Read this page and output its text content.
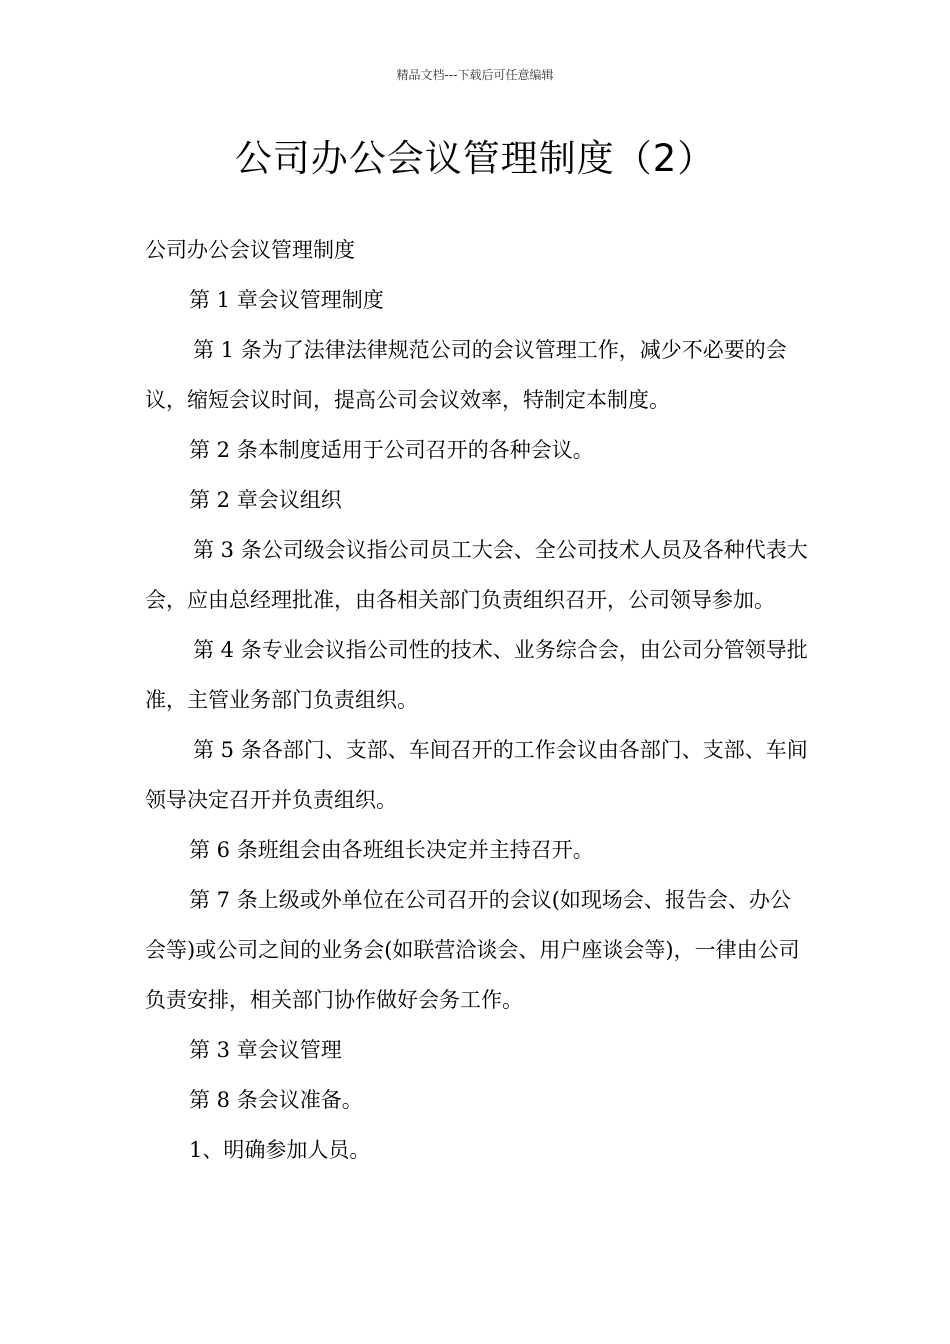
精品文档---下载后可任意编辑
公司办公会议管理制度（2）

公司办公会议管理制度

第 1 章会议管理制度

第 1 条为了法律法律规范公司的会议管理工作，减少不必要的会议，缩短会议时间，提高公司会议效率，特制定本制度。

第 2 条本制度适用于公司召开的各种会议。

第 2 章会议组织

第 3 条公司级会议指公司员工大会、全公司技术人员及各种代表大会，应由总经理批准，由各相关部门负责组织召开，公司领导参加。

第 4 条专业会议指公司性的技术、业务综合会，由公司分管领导批准，主管业务部门负责组织。

第 5 条各部门、支部、车间召开的工作会议由各部门、支部、车间领导决定召开并负责组织。

第 6 条班组会由各班组长决定并主持召开。

第 7 条上级或外单位在公司召开的会议(如现场会、报告会、办公会等)或公司之间的业务会(如联营洽谈会、用户座谈会等)，一律由公司负责安排，相关部门协作做好会务工作。

第 3 章会议管理

第 8 条会议准备。

1、明确参加人员。
